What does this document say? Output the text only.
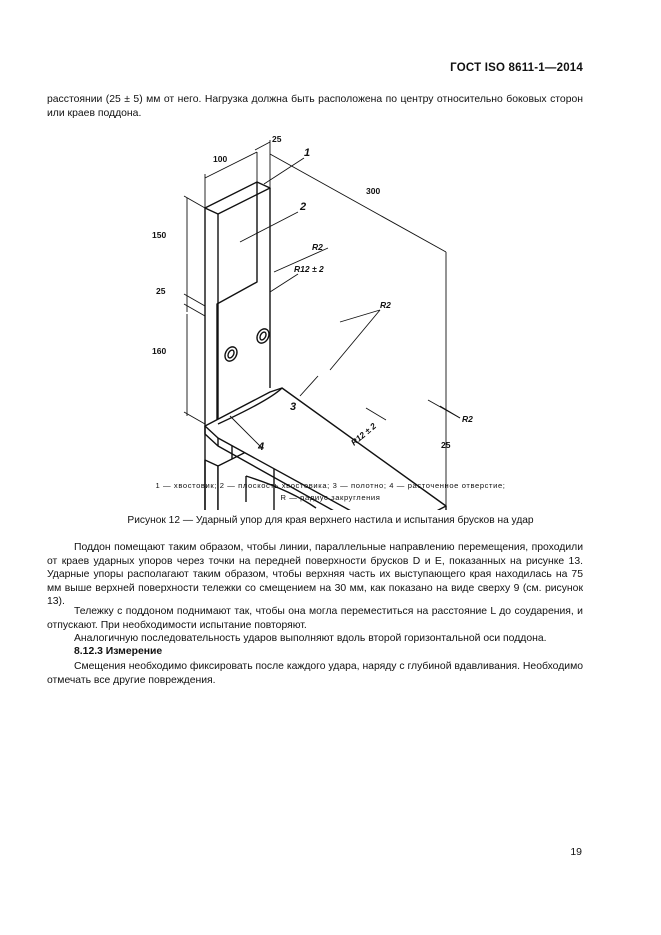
ГОСТ ISO 8611-1—2014

расстоянии (25 ± 5) мм от него. Нагрузка должна быть расположена по центру относительно боковых сторон или краев поддона.

100
25
300
150
25
160
25
R2
R12 ± 2
R2
R12 ± 2
R2
1
2
3
4
1 — хвостовик; 2 — плоскость хвостовика; 3 — полотно; 4 — расточенное отверстие;
R — радиус закругления
Рисунок 12 — Ударный упор для края верхнего настила и испытания брусков на удар

Поддон помещают таким образом, чтобы линии, параллельные направлению перемещения, проходили от краев ударных упоров через точки на передней поверхности брусков D и E, показанных на рисунке 13. Ударные упоры располагают таким образом, чтобы верхняя часть их выступающего края находилась на 75 мм выше верхней поверхности тележки со смещением на 30 мм, как показано на виде сверху 9 (см. рисунок 13).

Тележку с поддоном поднимают так, чтобы она могла переместиться на расстояние L до соударения, и отпускают. При необходимости испытание повторяют.

Аналогичную последовательность ударов выполняют вдоль второй горизонтальной оси поддона.

8.12.3 Измерение

Смещения необходимо фиксировать после каждого удара, наряду с глубиной вдавливания. Необходимо отмечать все другие повреждения.

19
